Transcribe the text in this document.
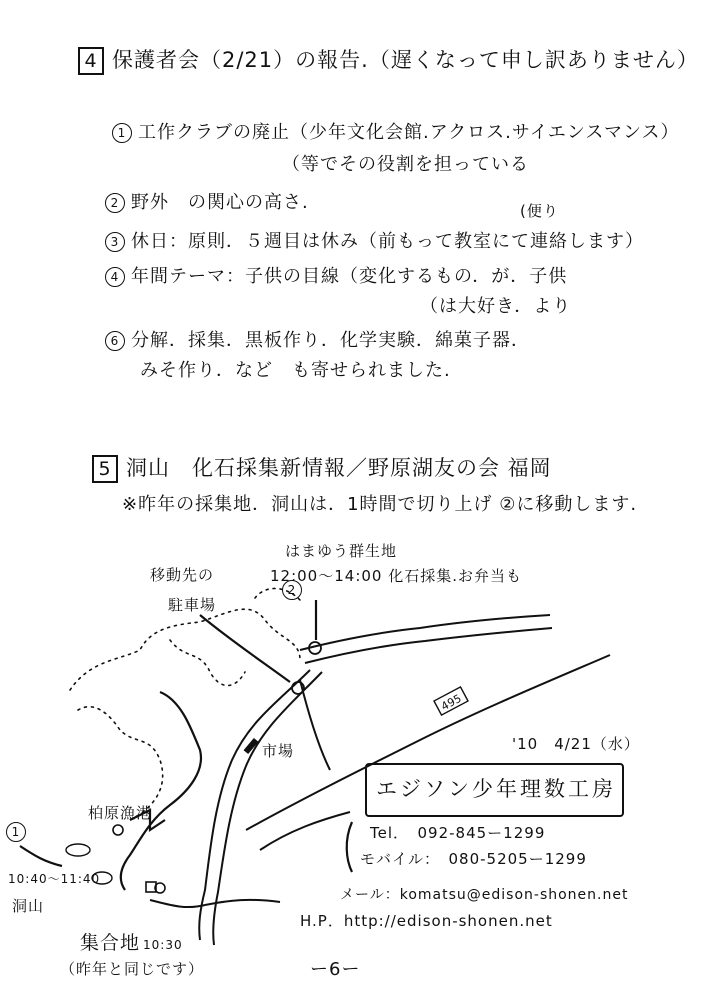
4 保護者会（2/21）の報告.（遅くなって申し訳ありません）
1 工作クラブの廃止（少年文化会館.アクロス.サイエンスマンス）
（等でその役割を担っている
2 野外　の関心の高さ.	(便り
3 休日：原則．５週目は休み（前もって教室にて連絡します）
4 年間テーマ：子供の目線（変化するもの．が．子供
（は大好き．より
6 分解．採集．黒板作り．化学実験．綿菓子器．
みそ作り．など　も寄せられました.
5 洞山　化石採集新情報／野原湖友の会 福岡
※昨年の採集地．洞山は．1時間で切り上げ ②に移動します.
495
はまゆう群生地
12:00〜14:00 化石採集.お弁当も
2
移動先の
駐車場
市場
柏原漁港
1
10:40〜11:40
洞山
集合地 10:30
（昨年と同じです）
'10　4/21（水）
エジソン少年理数工房
Tel．　092-845ー1299
モバイル：　080-5205ー1299
メール：komatsu@edison-shonen.net
H.P．http://edison-shonen.net
ー6ー
